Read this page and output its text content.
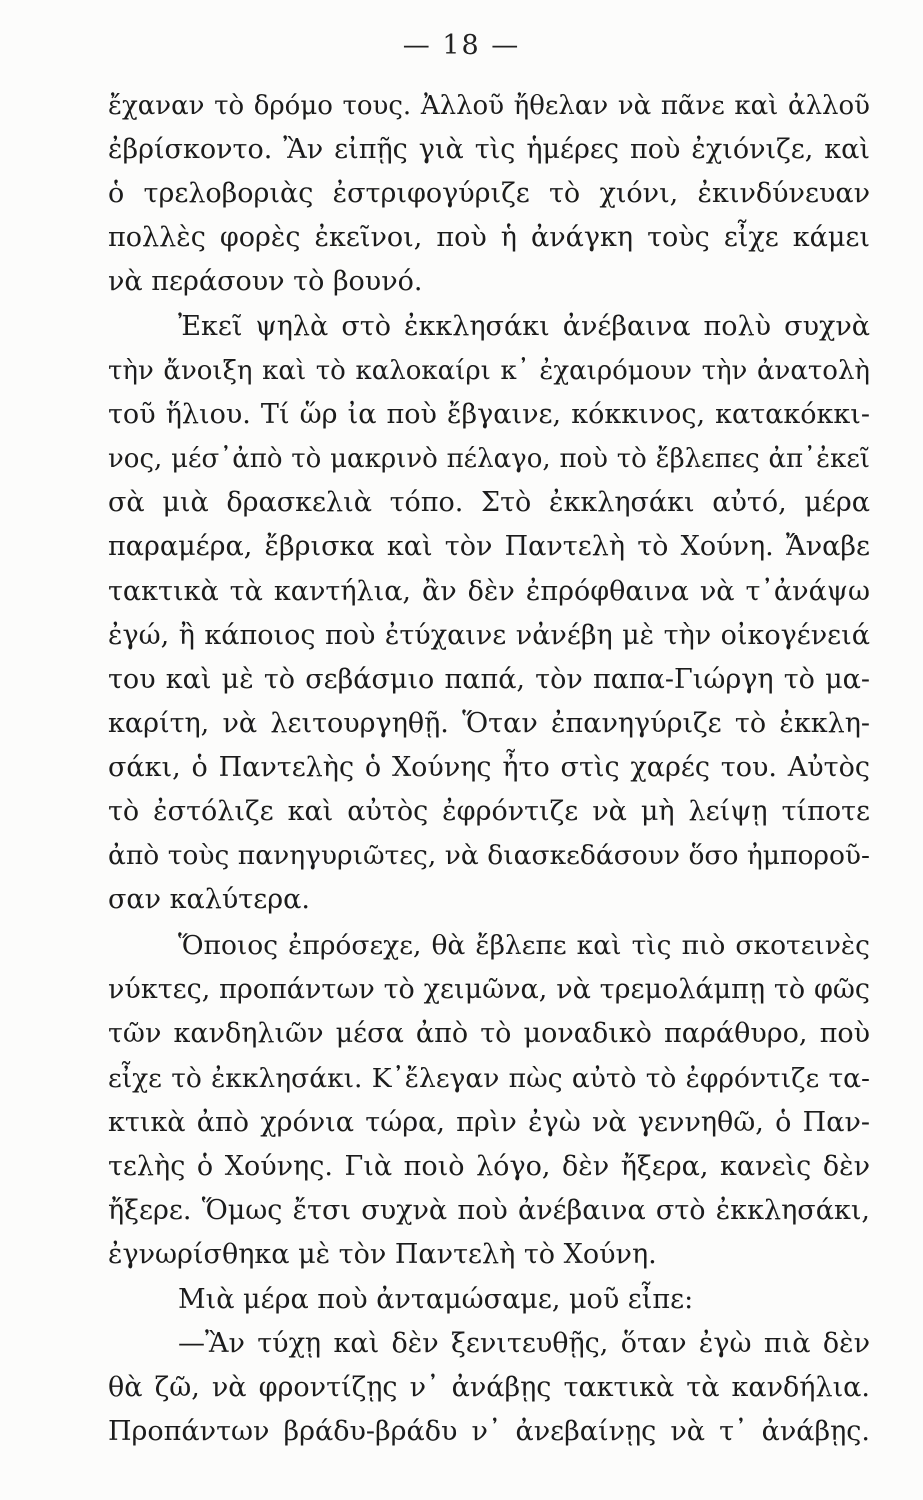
— 18 —
ἔχαναν τὸ δρόμο τους. Ἀλλοῦ ἤθελαν νὰ πᾶνε καὶ ἀλλοῦ
ἐβρίσκοντο. Ἂν εἰπῇς γιὰ τὶς ἡμέρες ποὺ ἐχιόνιζε, καὶ
ὁ τρελοβοριὰς ἐστριφογύριζε τὸ χιόνι, ἐκινδύνευαν
πολλὲς φορὲς ἐκεῖνοι, ποὺ ἡ ἀνάγκη τοὺς εἶχε κάμει
νὰ περάσουν τὸ βουνό.
Ἐκεῖ ψηλὰ στὸ ἐκκλησάκι ἀνέβαινα πολὺ συχνὰ
τὴν ἄνοιξη καὶ τὸ καλοκαίρι κ᾿ ἐχαιρόμουν τὴν ἀνατολὴ
τοῦ ἥλιου. Τί ὥρ ἰα ποὺ ἔβγαινε, κόκκινος, κατακόκκι-
νος, μέσ᾿ἀπὸ τὸ μακρινὸ πέλαγο, ποὺ τὸ ἔβλεπες ἀπ᾿ἐκεῖ
σὰ μιὰ δρασκελιὰ τόπο. Στὸ ἐκκλησάκι αὐτό, μέρα
παραμέρα, ἔβρισκα καὶ τὸν Παντελὴ τὸ Χούνη. Ἄναβε
τακτικὰ τὰ καντήλια, ἂν δὲν ἐπρόφθαινα νὰ τ᾿ἀνάψω
ἐγώ, ἢ κάποιος ποὺ ἐτύχαινε νἀνέβη μὲ τὴν οἰκογένειά
του καὶ μὲ τὸ σεβάσμιο παπά, τὸν παπα-Γιώργη τὸ μα-
καρίτη, νὰ λειτουργηθῇ. Ὅταν ἐπανηγύριζε τὸ ἐκκλη-
σάκι, ὁ Παντελὴς ὁ Χούνης ἦτο στὶς χαρές του. Αὐτὸς
τὸ ἐστόλιζε καὶ αὐτὸς ἐφρόντιζε νὰ μὴ λείψῃ τίποτε
ἀπὸ τοὺς πανηγυριῶτες, νὰ διασκεδάσουν ὅσο ἠμποροῦ-
σαν καλύτερα.
Ὅποιος ἐπρόσεχε, θὰ ἔβλεπε καὶ τὶς πιὸ σκοτεινὲς
νύκτες, προπάντων τὸ χειμῶνα, νὰ τρεμολάμπῃ τὸ φῶς
τῶν κανδηλιῶν μέσα ἀπὸ τὸ μοναδικὸ παράθυρο, ποὺ
εἶχε τὸ ἐκκλησάκι. Κ᾿ἔλεγαν πὼς αὐτὸ τὸ ἐφρόντιζε τα-
κτικὰ ἀπὸ χρόνια τώρα, πρὶν ἐγὼ νὰ γεννηθῶ, ὁ Παν-
τελὴς ὁ Χούνης. Γιὰ ποιὸ λόγο, δὲν ἤξερα, κανεὶς δὲν
ἤξερε. Ὅμως ἔτσι συχνὰ ποὺ ἀνέβαινα στὸ ἐκκλησάκι,
ἐγνωρίσθηκα μὲ τὸν Παντελὴ τὸ Χούνη.
Μιὰ μέρα ποὺ ἀνταμώσαμε, μοῦ εἶπε:
—Ἂν τύχῃ καὶ δὲν ξενιτευθῇς, ὅταν ἐγὼ πιὰ δὲν
θὰ ζῶ, νὰ φροντίζῃς ν᾿ ἀνάβῃς τακτικὰ τὰ κανδήλια.
Προπάντων βράδυ-βράδυ ν᾿ ἀνεβαίνῃς νὰ τ᾿ ἀνάβῃς.
